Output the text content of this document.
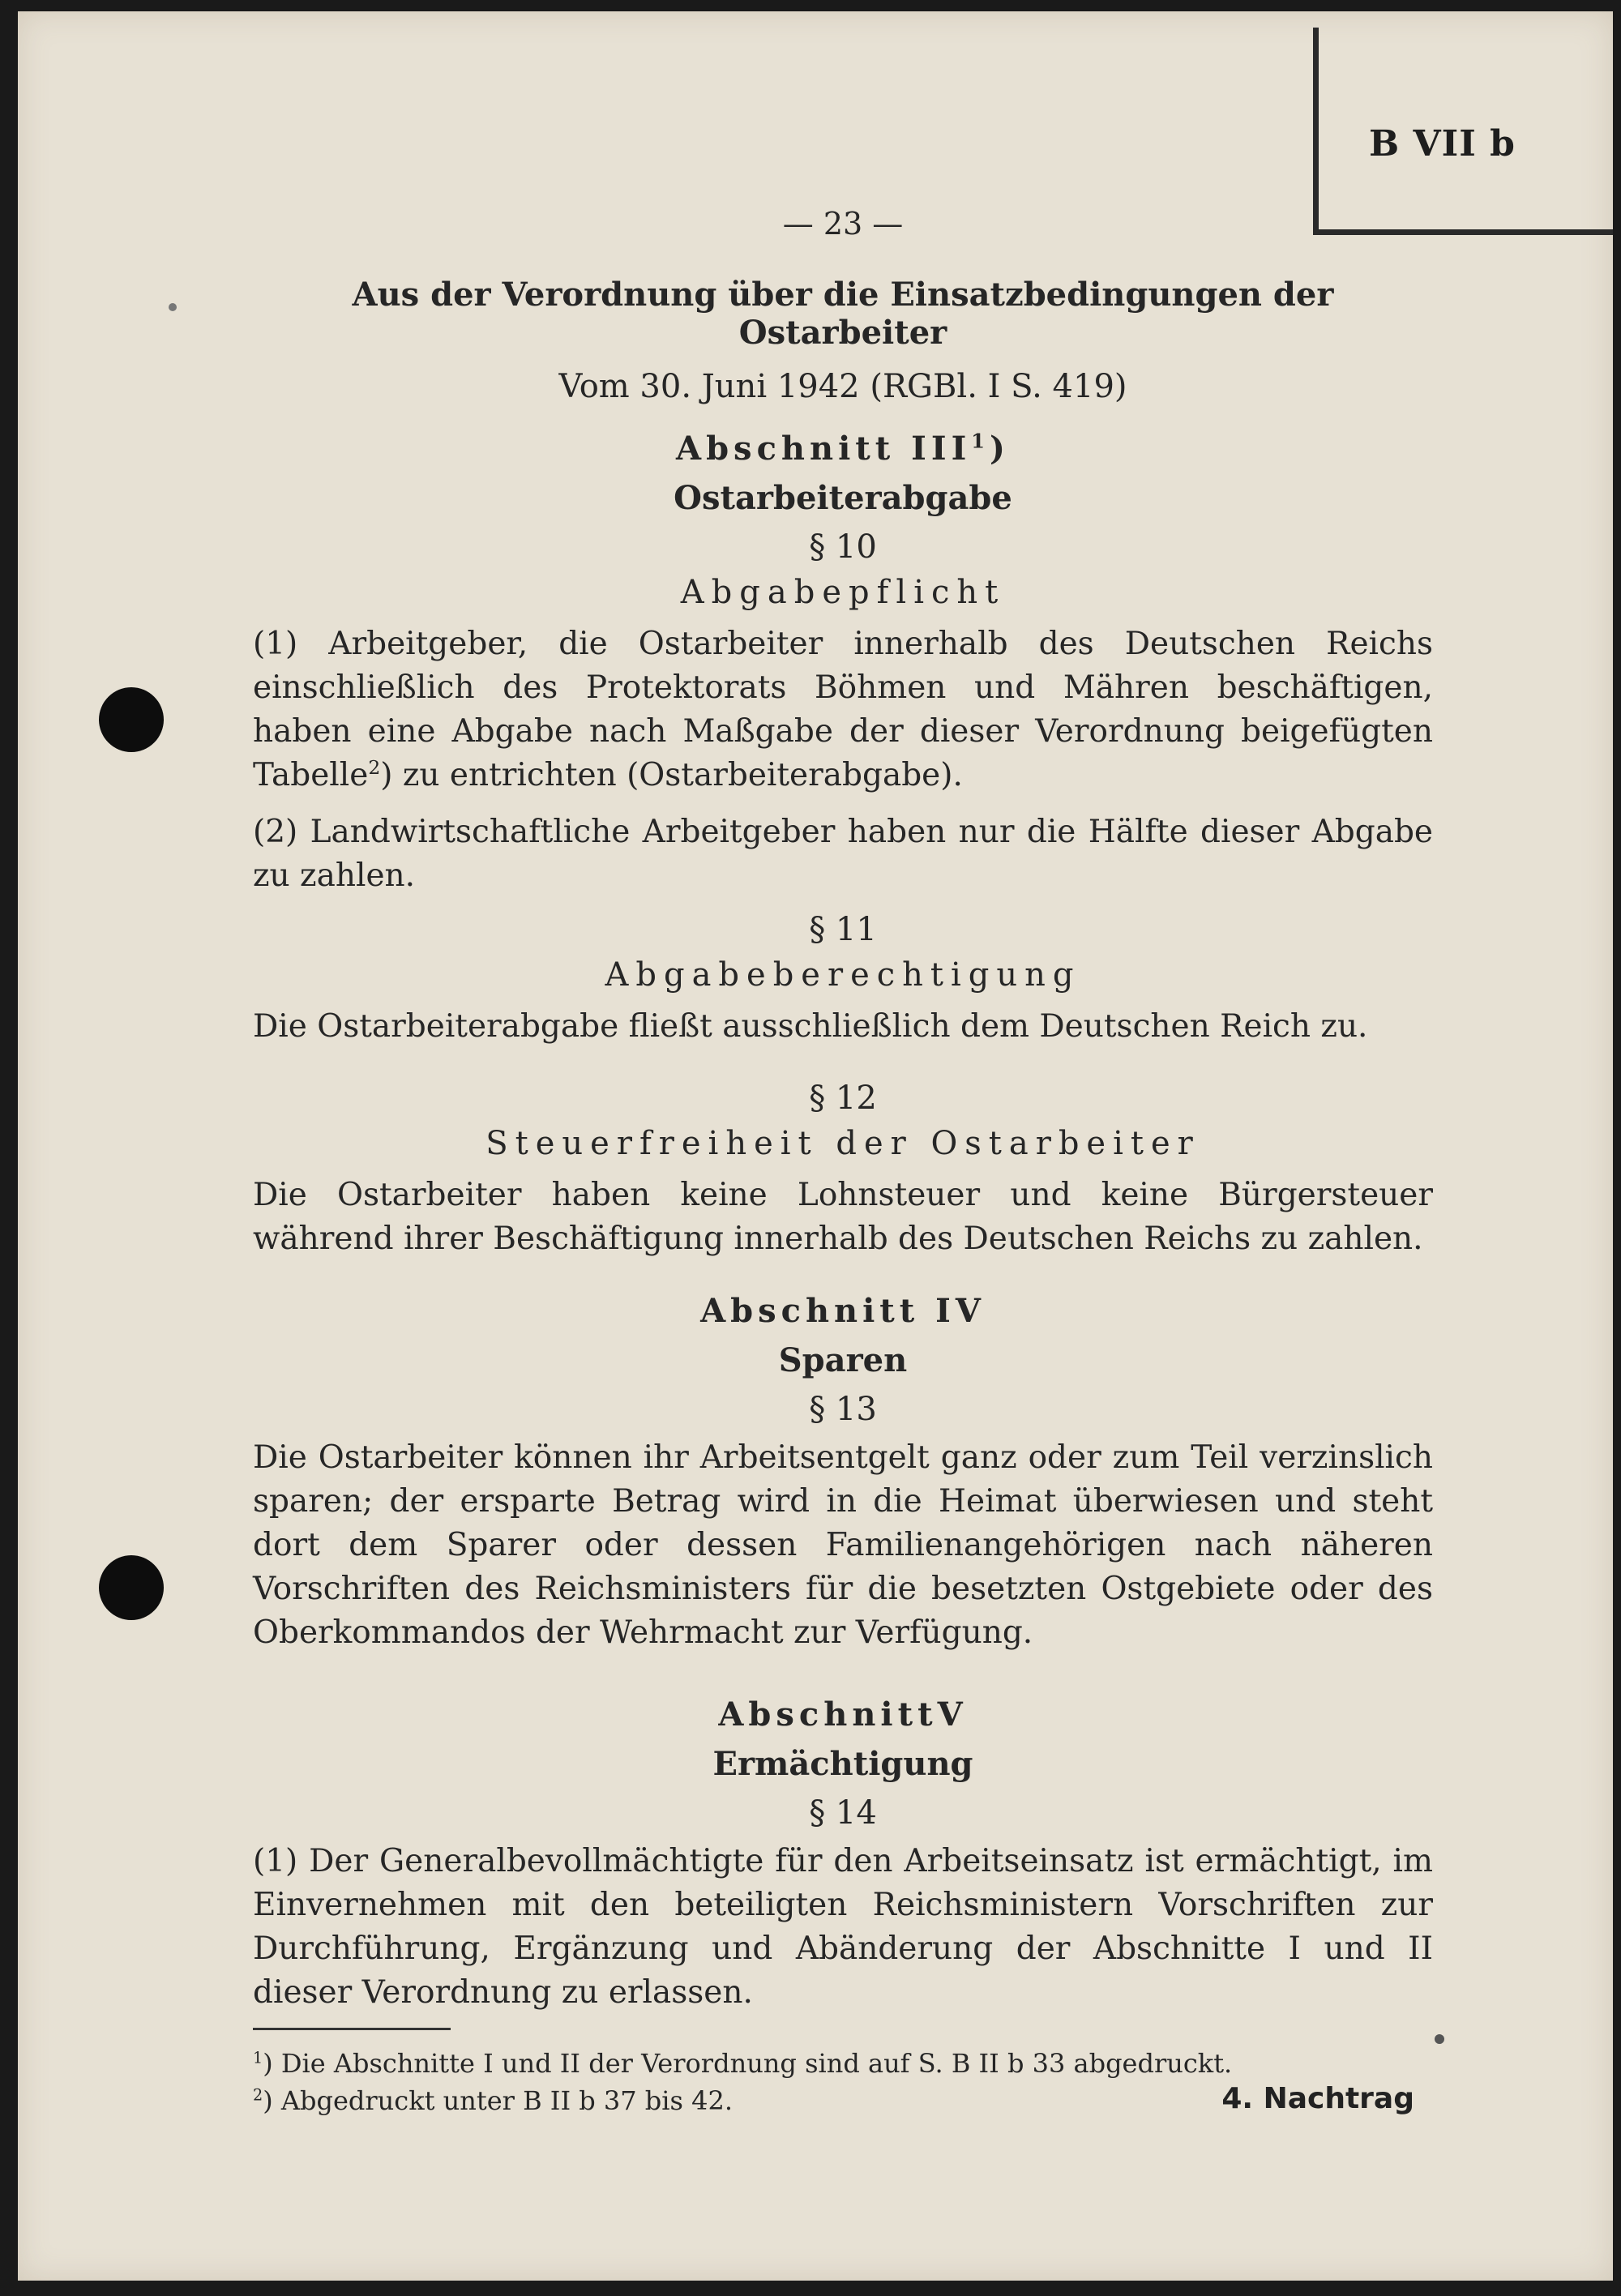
B VII b
— 23 —
Aus der Verordnung über die Einsatzbedingungen der Ostarbeiter
Vom 30. Juni 1942 (RGBl. I S. 419)
Abschnitt III$^1$)
Ostarbeiterabgabe
§ 10
Abgabepflicht

(1) Arbeitgeber, die Ostarbeiter innerhalb des Deutschen Reichs einschließlich des Protektorats Böhmen und Mähren beschäftigen, haben eine Abgabe nach Maßgabe der dieser Verordnung beigefügten Tabelle$^2$) zu entrichten (Ostarbeiterabgabe).

(2) Landwirtschaftliche Arbeitgeber haben nur die Hälfte dieser Abgabe zu zahlen.

§ 11
Abgabeberechtigung

Die Ostarbeiterabgabe fließt ausschließlich dem Deutschen Reich zu.

§ 12
Steuerfreiheit der Ostarbeiter

Die Ostarbeiter haben keine Lohnsteuer und keine Bürgersteuer während ihrer Beschäftigung innerhalb des Deutschen Reichs zu zahlen.

Abschnitt IV
Sparen
§ 13

Die Ostarbeiter können ihr Arbeitsentgelt ganz oder zum Teil verzinslich sparen; der ersparte Betrag wird in die Heimat überwiesen und steht dort dem Sparer oder dessen Familienangehörigen nach näheren Vorschriften des Reichsministers für die besetzten Ostgebiete oder des Oberkommandos der Wehrmacht zur Verfügung.

AbschnittV
Ermächtigung
§ 14

(1) Der Generalbevollmächtigte für den Arbeitseinsatz ist ermächtigt, im Einvernehmen mit den beteiligten Reichsministern Vorschriften zur Durchführung, Ergänzung und Abänderung der Abschnitte I und II dieser Verordnung zu erlassen.

$^1$) Die Abschnitte I und II der Verordnung sind auf S. B II b 33 abgedruckt.
$^2$) Abgedruckt unter B II b 37 bis 42.	4. Nachtrag
